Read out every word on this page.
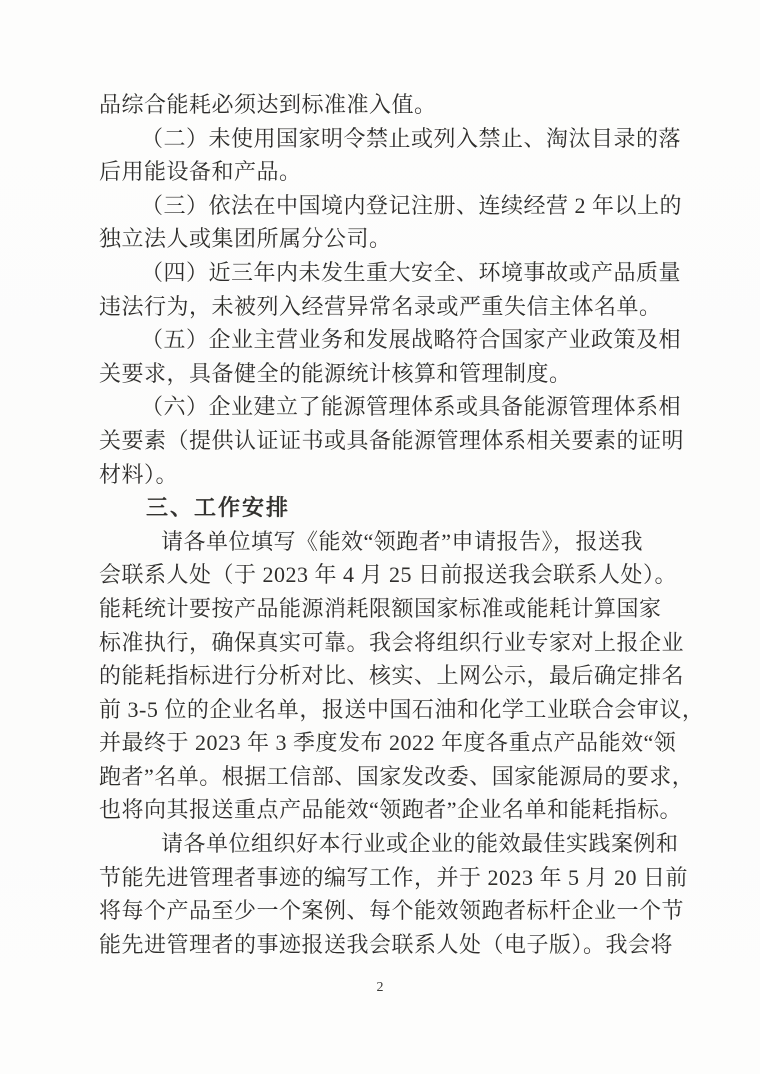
品综合能耗必须达到标准准入值。
（二）未使用国家明令禁止或列入禁止、淘汰目录的落
后用能设备和产品。
（三）依法在中国境内登记注册、连续经营 2 年以上的
独立法人或集团所属分公司。
（四）近三年内未发生重大安全、环境事故或产品质量
违法行为，未被列入经营异常名录或严重失信主体名单。
（五）企业主营业务和发展战略符合国家产业政策及相
关要求，具备健全的能源统计核算和管理制度。
（六）企业建立了能源管理体系或具备能源管理体系相
关要素（提供认证证书或具备能源管理体系相关要素的证明
材料）。
三、工作安排
请各单位填写《能效“领跑者”申请报告》，报送我
会联系人处（于 2023 年 4 月 25 日前报送我会联系人处）。
能耗统计要按产品能源消耗限额国家标准或能耗计算国家
标准执行，确保真实可靠。我会将组织行业专家对上报企业
的能耗指标进行分析对比、核实、上网公示，最后确定排名
前 3-5 位的企业名单，报送中国石油和化学工业联合会审议，
并最终于 2023 年 3 季度发布 2022 年度各重点产品能效“领
跑者”名单。根据工信部、国家发改委、国家能源局的要求，
也将向其报送重点产品能效“领跑者”企业名单和能耗指标。
请各单位组织好本行业或企业的能效最佳实践案例和
节能先进管理者事迹的编写工作，并于 2023 年 5 月 20 日前
将每个产品至少一个案例、每个能效领跑者标杆企业一个节
能先进管理者的事迹报送我会联系人处（电子版）。我会将
2
